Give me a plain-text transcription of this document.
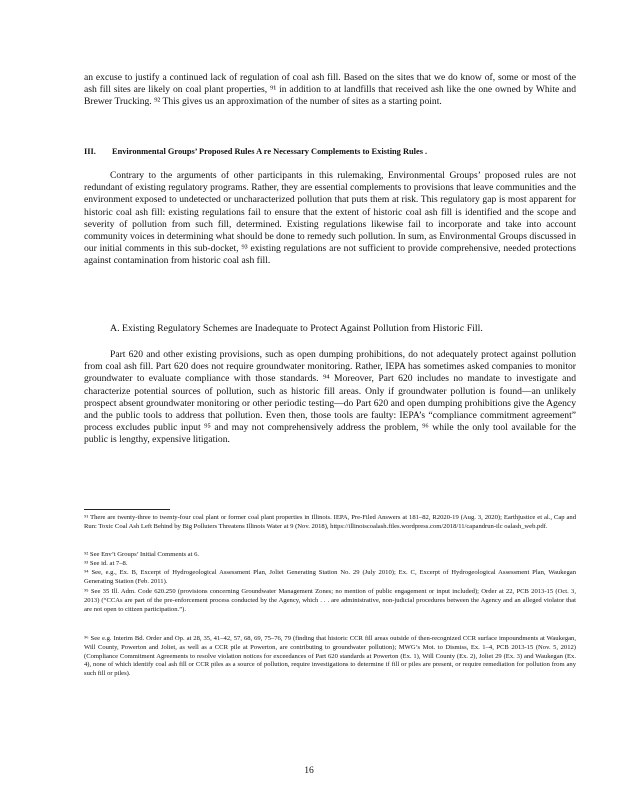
an excuse to justify a continued lack of regulation of coal ash fill. Based on the sites that we do know of, some or most of the ash fill sites are likely on coal plant properties, ⁹¹ in addition to at landfills that received ash like the one owned by White and Brewer Trucking. ⁹² This gives us an approximation of the number of sites as a starting point.

III.	Environmental Groups’ Proposed Rules A re Necessary Complements to Existing Rules .

Contrary to the arguments of other participants in this rulemaking, Environmental Groups’ proposed rules are not redundant of existing regulatory programs. Rather, they are essential complements to provisions that leave communities and the environment exposed to undetected or uncharacterized pollution that puts them at risk. This regulatory gap is most apparent for historic coal ash fill: existing regulations fail to ensure that the extent of historic coal ash fill is identified and the scope and severity of pollution from such fill, determined. Existing regulations likewise fail to incorporate and take into account community voices in determining what should be done to remedy such pollution. In sum, as Environmental Groups discussed in our initial comments in this sub-docket, ⁹³ existing regulations are not sufficient to provide comprehensive, needed protections against contamination from historic coal ash fill.

A. Existing Regulatory Schemes are Inadequate to Protect Against Pollution from Historic Fill.

Part 620 and other existing provisions, such as open dumping prohibitions, do not adequately protect against pollution from coal ash fill. Part 620 does not require groundwater monitoring. Rather, IEPA has sometimes asked companies to monitor groundwater to evaluate compliance with those standards. ⁹⁴ Moreover, Part 620 includes no mandate to investigate and characterize potential sources of pollution, such as historic fill areas. Only if groundwater pollution is found—an unlikely prospect absent groundwater monitoring or other periodic testing—do Part 620 and open dumping prohibitions give the Agency and the public tools to address that pollution. Even then, those tools are faulty: IEPA’s “compliance commitment agreement” process excludes public input ⁹⁵ and may not comprehensively address the problem, ⁹⁶ while the only tool available for the public is lengthy, expensive litigation.

⁹¹ There are twenty-three to twenty-four coal plant or former coal plant properties in Illinois. IEPA, Pre-Filed Answers at 181–82, R2020-19 (Aug. 3, 2020); Earthjustice et al., Cap and Run: Toxic Coal Ash Left Behind by Big Polluters Threatens Illinois Water at 9 (Nov. 2018), https://illinoiscoalash.files.wordpress.com/2018/11/capandrun-ilc oalash_web.pdf.

⁹² See Env’t Groups’ Initial Comments at 6.

⁹³ See id. at 7–8.

⁹⁴ See, e.g., Ex. B, Excerpt of Hydrogeological Assessment Plan, Joliet Generating Station No. 29 (July 2010); Ex. C, Excerpt of Hydrogeological Assessment Plan, Waukegan Generating Station (Feb. 2011).

⁹⁵ See 35 Ill. Adm. Code 620.250 (provisions concerning Groundwater Management Zones; no mention of public engagement or input included); Order at 22, PCB 2013-15 (Oct. 3, 2013) (“CCAs are part of the pre-enforcement process conducted by the Agency, which . . . are administrative, non-judicial procedures between the Agency and an alleged violator that are not open to citizen participation.”).

⁹⁶ See e.g. Interim Bd. Order and Op. at 28, 35, 41–42, 57, 68, 69, 75–76, 79 (finding that historic CCR fill areas outside of then-recognized CCR surface impoundments at Waukegan, Will County, Powerton and Joliet, as well as a CCR pile at Powerton, are contributing to groundwater pollution); MWG’s Mot. to Dismiss, Ex. 1–4, PCB 2013-15 (Nov. 5, 2012) (Compliance Commitment Agreements to resolve violation notices for exceedances of Part 620 standards at Powerton (Ex. 1), Will County (Ex. 2), Joliet 29 (Ex. 3) and Waukegan (Ex. 4), none of which identify coal ash fill or CCR piles as a source of pollution, require investigations to determine if fill or piles are present, or require remediation for pollution from any such fill or piles).

16
